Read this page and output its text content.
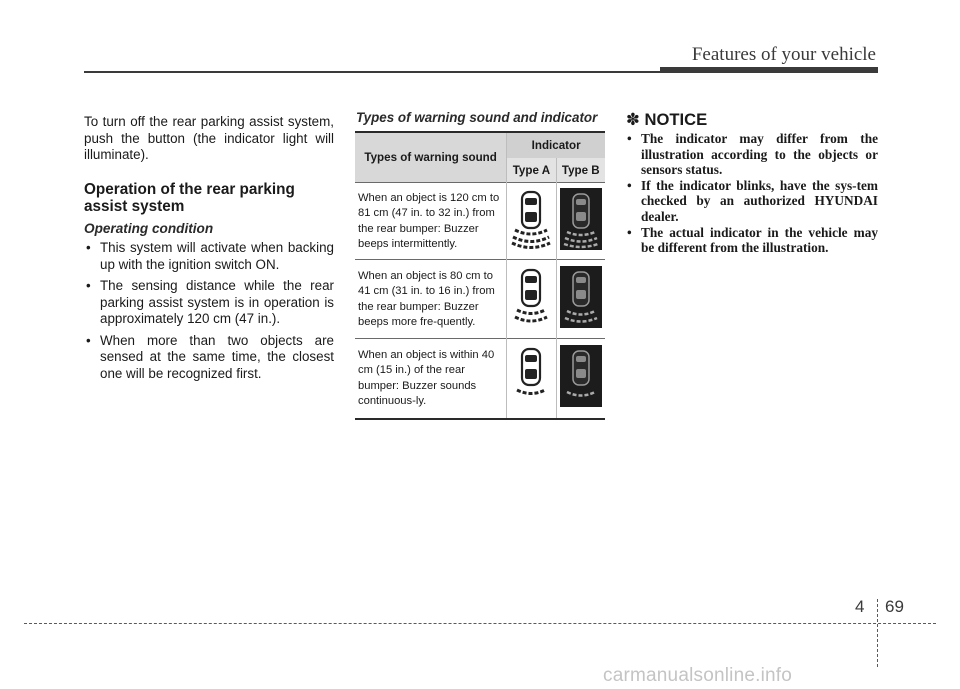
Features of your vehicle

To turn off the rear parking assist system, push the button (the indicator light will illuminate).

Operation of the rear parking assist system
Operating condition
• This system will activate when backing up with the ignition switch ON.
• The sensing distance while the rear parking assist system is in operation is approximately 120 cm (47 in.).
• When more than two objects are sensed at the same time, the closest one will be recognized first.
Types of warning sound and indicator
Types of warning sound	Indicator	
	Type A	Type B
When an object is 120 cm to 81 cm (47 in. to 32 in.) from the rear bumper: Buzzer beeps intermittently.		
When an object is 80 cm to 41 cm (31 in. to 16 in.) from the rear bumper: Buzzer beeps more fre-quently.		
When an object is within 40 cm (15 in.) of the rear bumper: Buzzer sounds continuous-ly.		
✽ NOTICE
• The indicator may differ from the illustration according to the objects or sensors status.
• If the indicator blinks, have the sys-tem checked by an authorized HYUNDAI dealer.
• The actual indicator in the vehicle may be different from the illustration.
4 69
carmanualsonline.info
